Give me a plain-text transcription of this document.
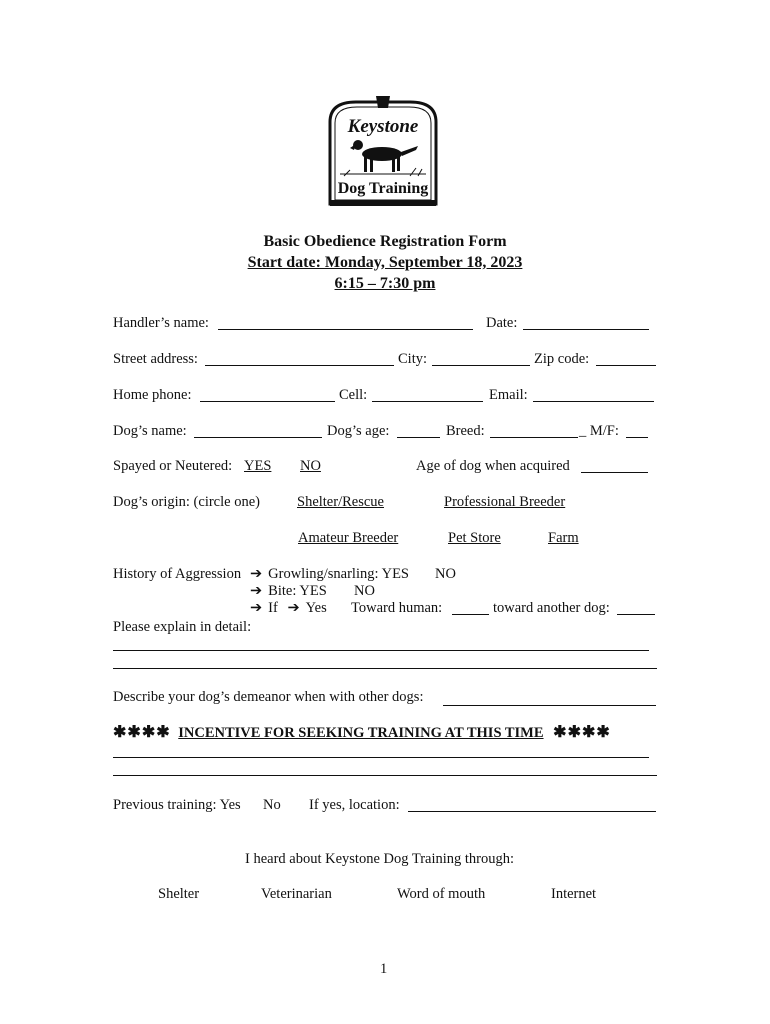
Keystone
Dog Training
Basic Obedience Registration Form
Start date: Monday, September 18, 2023
6:15 – 7:30 pm
Handler’s name:	Date:
Street address:	City:	Zip code:
Home phone:	Cell:	Email:
Dog’s name:	Dog’s age:	Breed:	_ M/F:
Spayed or Neutered: YES NO	Age of dog when acquired
Dog’s origin: (circle one)	Shelter/Rescue	Professional Breeder
Amateur Breeder	Pet Store	Farm
History of Aggression ➔ Growling/snarling: YES NO
➔ Bite: YES NO
➔ If ➔ Yes Toward human:	toward another dog:
Please explain in detail:
Describe your dog’s demeanor when with other dogs:
✱✱✱✱ INCENTIVE FOR SEEKING TRAINING AT THIS TIME ✱✱✱✱
Previous training: Yes No If yes, location:
I heard about Keystone Dog Training through:
Shelter	Veterinarian	Word of mouth	Internet
1
